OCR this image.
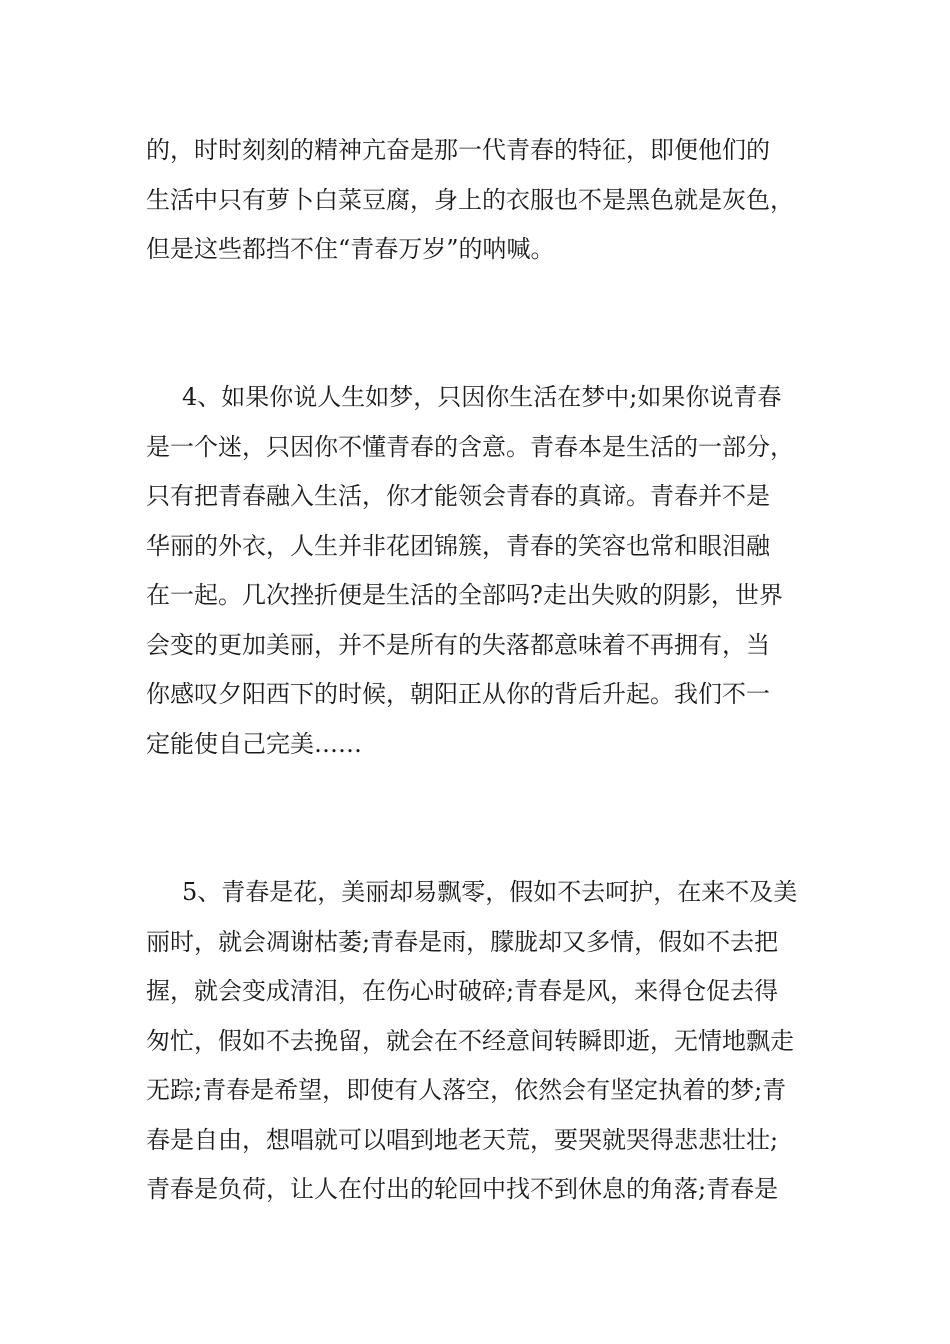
的，时时刻刻的精神亢奋是那一代青春的特征，即便他们的
生活中只有萝卜白菜豆腐，身上的衣服也不是黑色就是灰色，
但是这些都挡不住“青春万岁”的呐喊。
4、如果你说人生如梦，只因你生活在梦中;如果你说青春
是一个迷，只因你不懂青春的含意。青春本是生活的一部分，
只有把青春融入生活，你才能领会青春的真谛。青春并不是
华丽的外衣，人生并非花团锦簇，青春的笑容也常和眼泪融
在一起。几次挫折便是生活的全部吗?走出失败的阴影，世界
会变的更加美丽，并不是所有的失落都意味着不再拥有，当
你感叹夕阳西下的时候，朝阳正从你的背后升起。我们不一
定能使自己完美……
5、青春是花，美丽却易飘零，假如不去呵护，在来不及美
丽时，就会凋谢枯萎;青春是雨，朦胧却又多情，假如不去把
握，就会变成清泪，在伤心时破碎;青春是风，来得仓促去得
匆忙，假如不去挽留，就会在不经意间转瞬即逝，无情地飘走
无踪;青春是希望，即使有人落空，依然会有坚定执着的梦;青
春是自由，想唱就可以唱到地老天荒，要哭就哭得悲悲壮壮;
青春是负荷，让人在付出的轮回中找不到休息的角落;青春是
